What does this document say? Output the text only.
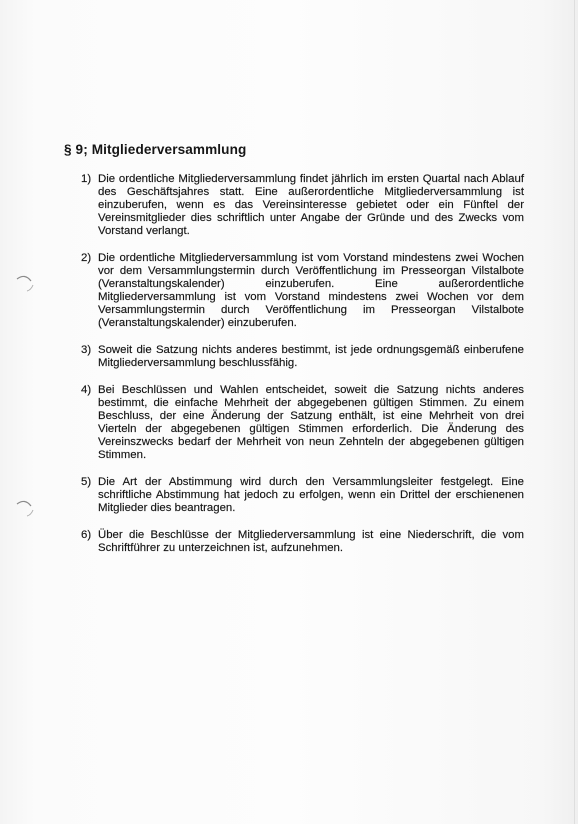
§ 9; Mitgliederversammlung
1) Die ordentliche Mitgliederversammlung findet jährlich im ersten Quartal nach Ablauf des Geschäftsjahres statt. Eine außerordentliche Mitgliederversammlung ist einzuberufen, wenn es das Vereinsinteresse gebietet oder ein Fünftel der Vereinsmitglieder dies schriftlich unter Angabe der Gründe und des Zwecks vom Vorstand verlangt.
2) Die ordentliche Mitgliederversammlung ist vom Vorstand mindestens zwei Wochen vor dem Versammlungstermin durch Veröffentlichung im Presseorgan Vilstalbote (Veranstaltungskalender) einzuberufen. Eine außerordentliche Mitgliederversammlung ist vom Vorstand mindestens zwei Wochen vor dem Versammlungstermin durch Veröffentlichung im Presseorgan Vilstalbote (Veranstaltungskalender) einzuberufen.
3) Soweit die Satzung nichts anderes bestimmt, ist jede ordnungsgemäß einberufene Mitgliederversammlung beschlussfähig.
4) Bei Beschlüssen und Wahlen entscheidet, soweit die Satzung nichts anderes bestimmt, die einfache Mehrheit der abgegebenen gültigen Stimmen. Zu einem Beschluss, der eine Änderung der Satzung enthält, ist eine Mehrheit von drei Vierteln der abgegebenen gültigen Stimmen erforderlich. Die Änderung des Vereinszwecks bedarf der Mehrheit von neun Zehnteln der abgegebenen gültigen Stimmen.
5) Die Art der Abstimmung wird durch den Versammlungsleiter festgelegt. Eine schriftliche Abstimmung hat jedoch zu erfolgen, wenn ein Drittel der erschienenen Mitglieder dies beantragen.
6) Über die Beschlüsse der Mitgliederversammlung ist eine Niederschrift, die vom Schriftführer zu unterzeichnen ist, aufzunehmen.
